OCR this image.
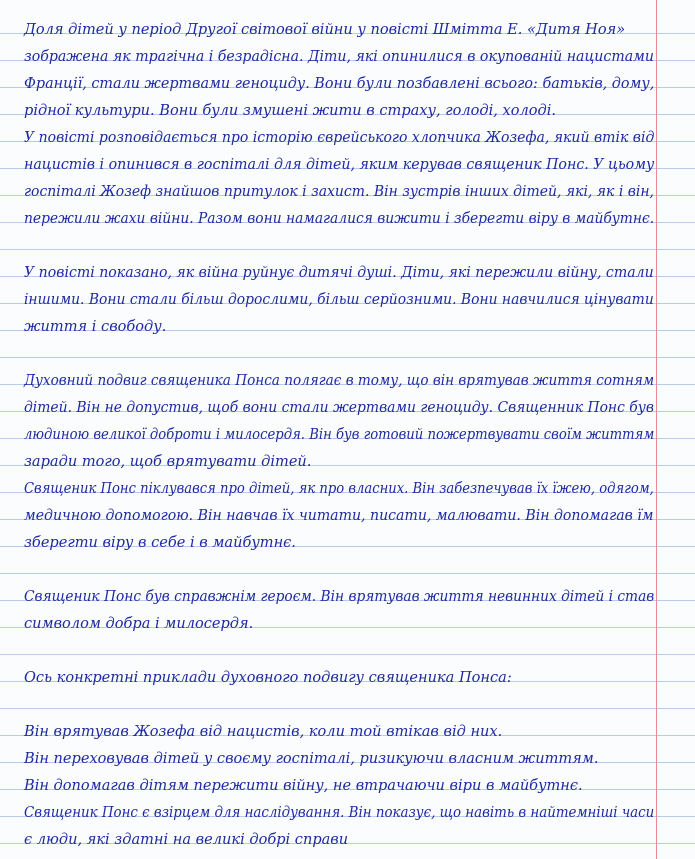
Доля дітей у період Другої світової війни у повісті Шмітта Е. «Дитя Ноя»
зображена як трагічна і безрадісна. Діти, які опинилися в окупованій нацистами
Франції, стали жертвами геноциду. Вони були позбавлені всього: батьків, дому,
рідної культури. Вони були змушені жити в страху, голоді, холоді.
У повісті розповідається про історію єврейського хлопчика Жозефа, який втік від
нацистів і опинився в госпіталі для дітей, яким керував священик Понс. У цьому
госпіталі Жозеф знайшов притулок і захист. Він зустрів інших дітей, які, як і він,
пережили жахи війни. Разом вони намагалися вижити і зберегти віру в майбутнє.
У повісті показано, як війна руйнує дитячі душі. Діти, які пережили війну, стали
іншими. Вони стали більш дорослими, більш серйозними. Вони навчилися цінувати
життя і свободу.
Духовний подвиг священика Понса полягає в тому, що він врятував життя сотням
дітей. Він не допустив, щоб вони стали жертвами геноциду. Священник Понс був
людиною великої доброти і милосердя. Він був готовий пожертвувати своїм життям
заради того, щоб врятувати дітей.
Священик Понс піклувався про дітей, як про власних. Він забезпечував їх їжею, одягом,
медичною допомогою. Він навчав їх читати, писати, малювати. Він допомагав їм
зберегти віру в себе і в майбутнє.
Священик Понс був справжнім героєм. Він врятував життя невинних дітей і став
символом добра і милосердя.
Ось конкретні приклади духовного подвигу священика Понса:
Він врятував Жозефа від нацистів, коли той втікав від них.
Він переховував дітей у своєму госпіталі, ризикуючи власним життям.
Він допомагав дітям пережити війну, не втрачаючи віри в майбутнє.
Священик Понс є взірцем для наслідування. Він показує, що навіть в найтемніші часи
є люди, які здатні на великі добрі справи
